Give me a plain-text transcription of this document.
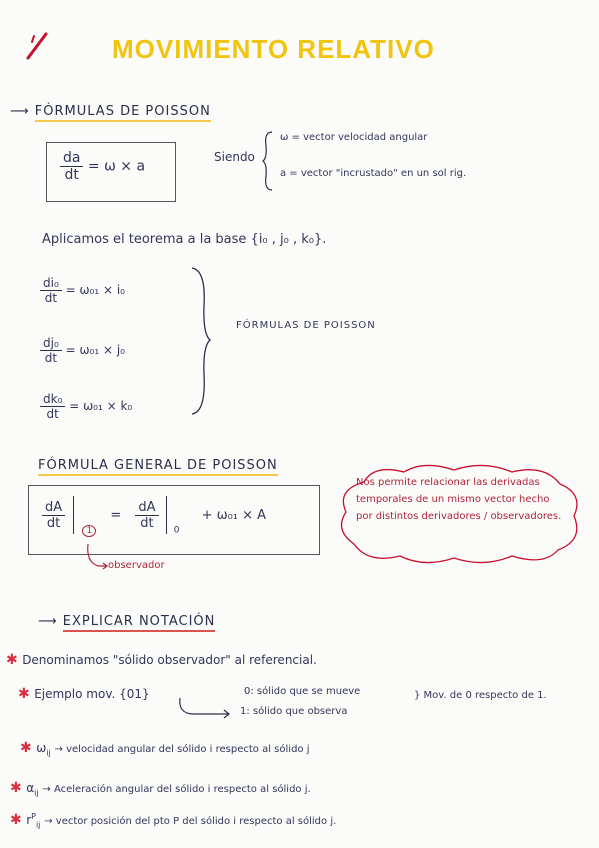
MOVIMIENTO RELATIVO
⟶ FÓRMULAS DE POISSON
$\frac{da}{dt} = \omega \times a$
Siendo
ω = vector velocidad angular
a = vector "incrustado" en un sol rig.
Aplicamos el teorema a la base {i₀ , j₀ , k₀}.
$\frac{\text{di₀}}{dt} = \omega_{01} \times i_0$
$\frac{\text{dj₀}}{dt} = \omega_{01} \times j_0$
$\frac{\text{dk₀}}{dt} = \omega_{01} \times k_0$
FÓRMULAS DE POISSON
FÓRMULA GENERAL DE POISSON
$\frac{dA}{dt} _1 = \frac{dA}{dt} _0 + \omega_{01} \times A$
observador
Nos permite relacionar las derivadas temporales de un mismo vector hecho por distintos derivadores / observadores.
⟶ EXPLICAR NOTACIÓN
✱ Denominamos "sólido observador" al referencial.
✱ Ejemplo mov. {01}	0: sólido que se mueve
1: sólido que observa
} Mov. de 0 respecto de 1.
✱ $\omega_{ij}$ → velocidad angular del sólido i respecto al sólido j
✱ $\alpha_{ij}$ → Aceleración angular del sólido i respecto al sólido j.
✱ $r^P_{ij}$ → vector posición del pto P del sólido i respecto al sólido j.
